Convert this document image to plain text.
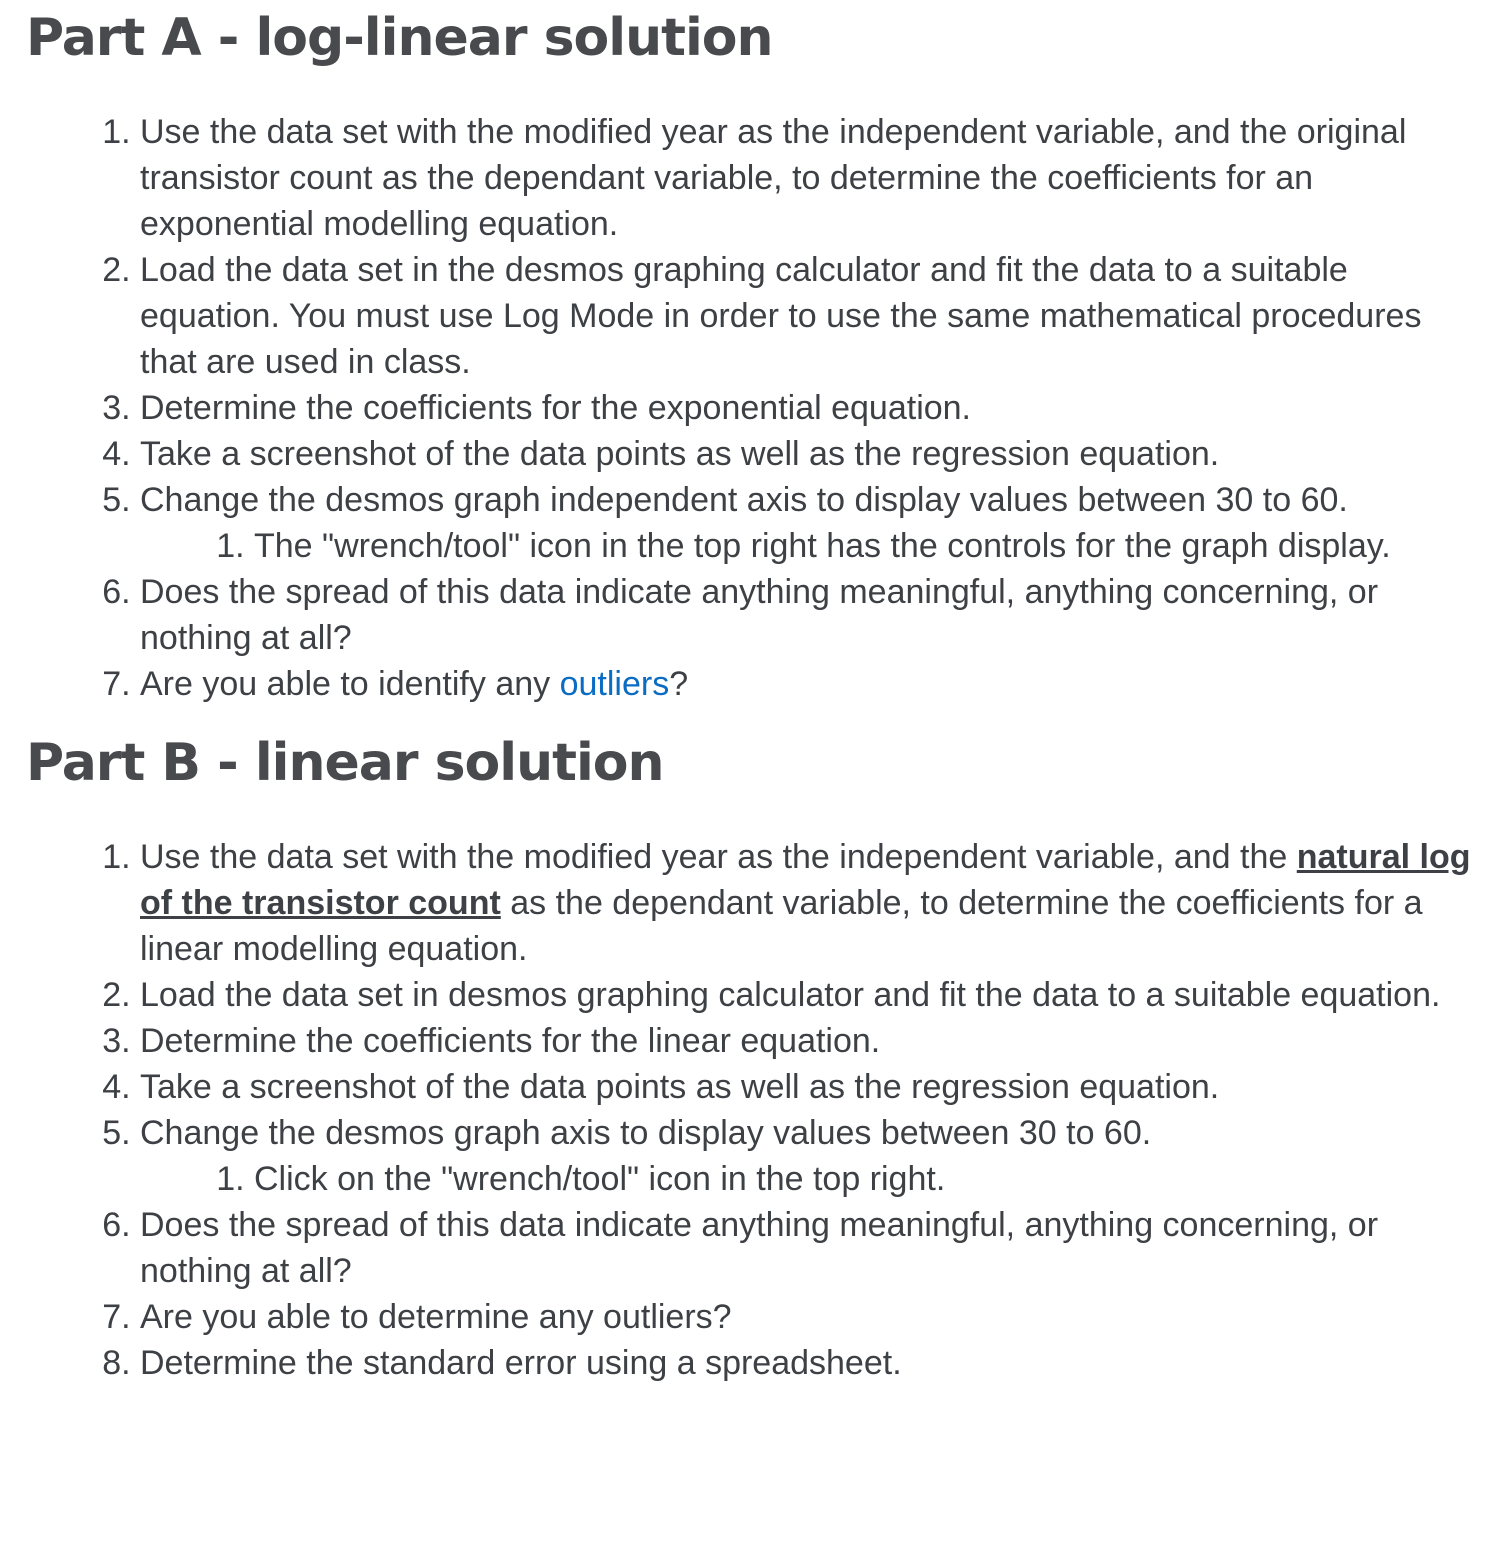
Part A - log-linear solution
1. Use the data set with the modified year as the independent variable, and the original transistor count as the dependant variable, to determine the coefficients for an exponential modelling equation.
2. Load the data set in the desmos graphing calculator and fit the data to a suitable equation. You must use Log Mode in order to use the same mathematical procedures that are used in class.
3. Determine the coefficients for the exponential equation.
4. Take a screenshot of the data points as well as the regression equation.
5. Change the desmos graph independent axis to display values between 30 to 60.
1. The "wrench/tool" icon in the top right has the controls for the graph display.
6. Does the spread of this data indicate anything meaningful, anything concerning, or nothing at all?
7. Are you able to identify any outliers?
Part B - linear solution
1. Use the data set with the modified year as the independent variable, and the natural log of the transistor count as the dependant variable, to determine the coefficients for a linear modelling equation.
2. Load the data set in desmos graphing calculator and fit the data to a suitable equation.
3. Determine the coefficients for the linear equation.
4. Take a screenshot of the data points as well as the regression equation.
5. Change the desmos graph axis to display values between 30 to 60.
1. Click on the "wrench/tool" icon in the top right.
6. Does the spread of this data indicate anything meaningful, anything concerning, or nothing at all?
7. Are you able to determine any outliers?
8. Determine the standard error using a spreadsheet.
